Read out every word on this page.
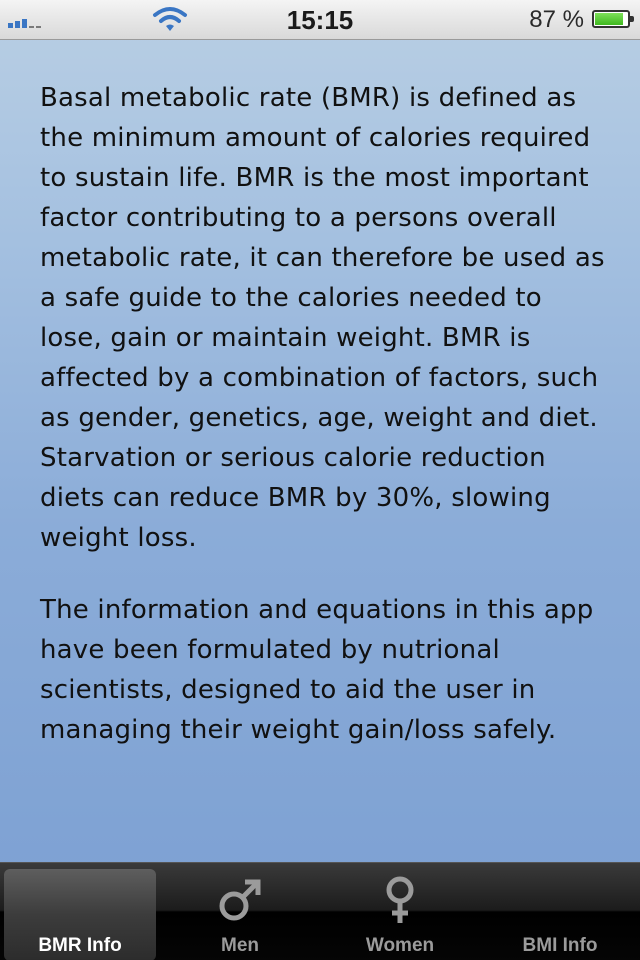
15:15	87 %

Basal metabolic rate (BMR) is defined as the minimum amount of calories required to sustain life. BMR is the most important factor contributing to a persons overall metabolic rate, it can therefore be used as a safe guide to the calories needed to lose, gain or maintain weight. BMR is affected by a combination of factors, such as gender, genetics, age, weight and diet. Starvation or serious calorie reduction diets can reduce BMR by 30%, slowing weight loss.

The information and equations in this app have been formulated by nutrional scientists, designed to aid the user in managing their weight gain/loss safely.

BMR Info	Men	Women	BMI Info
